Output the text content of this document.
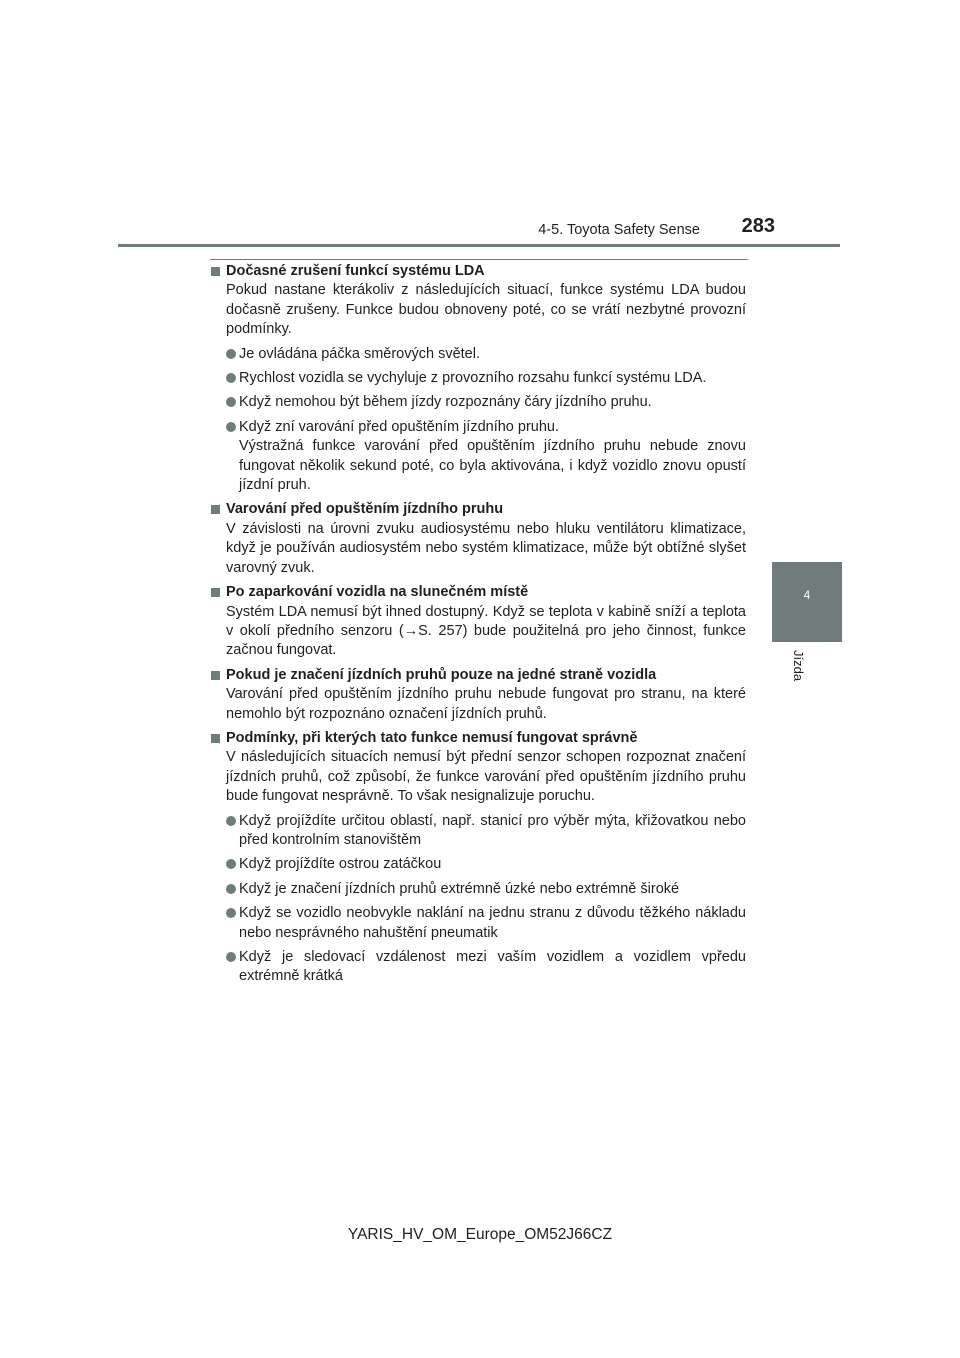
4-5. Toyota Safety Sense	283
4
Jízda
Dočasné zrušení funkcí systému LDA
Pokud nastane kterákoliv z následujících situací, funkce systému LDA budou dočasně zrušeny. Funkce budou obnoveny poté, co se vrátí nezbytné provozní podmínky.
Je ovládána páčka směrových světel.
Rychlost vozidla se vychyluje z provozního rozsahu funkcí systému LDA.
Když nemohou být během jízdy rozpoznány čáry jízdního pruhu.
Když zní varování před opuštěním jízdního pruhu.
Výstražná funkce varování před opuštěním jízdního pruhu nebude znovu fungovat několik sekund poté, co byla aktivována, i když vozidlo znovu opustí jízdní pruh.
Varování před opuštěním jízdního pruhu
V závislosti na úrovni zvuku audiosystému nebo hluku ventilátoru klimatizace, když je používán audiosystém nebo systém klimatizace, může být obtížné slyšet varovný zvuk.
Po zaparkování vozidla na slunečném místě
Systém LDA nemusí být ihned dostupný. Když se teplota v kabině sníží a teplota v okolí předního senzoru (→S. 257) bude použitelná pro jeho činnost, funkce začnou fungovat.
Pokud je značení jízdních pruhů pouze na jedné straně vozidla
Varování před opuštěním jízdního pruhu nebude fungovat pro stranu, na které nemohlo být rozpoznáno označení jízdních pruhů.
Podmínky, při kterých tato funkce nemusí fungovat správně
V následujících situacích nemusí být přední senzor schopen rozpoznat značení jízdních pruhů, což způsobí, že funkce varování před opuštěním jízdního pruhu bude fungovat nesprávně. To však nesignalizuje poruchu.
Když projíždíte určitou oblastí, např. stanicí pro výběr mýta, křižovatkou nebo před kontrolním stanovištěm
Když projíždíte ostrou zatáčkou
Když je značení jízdních pruhů extrémně úzké nebo extrémně široké
Když se vozidlo neobvykle naklání na jednu stranu z důvodu těžkého nákladu nebo nesprávného nahuštění pneumatik
Když je sledovací vzdálenost mezi vaším vozidlem a vozidlem vpředu extrémně krátká
YARIS_HV_OM_Europe_OM52J66CZ
